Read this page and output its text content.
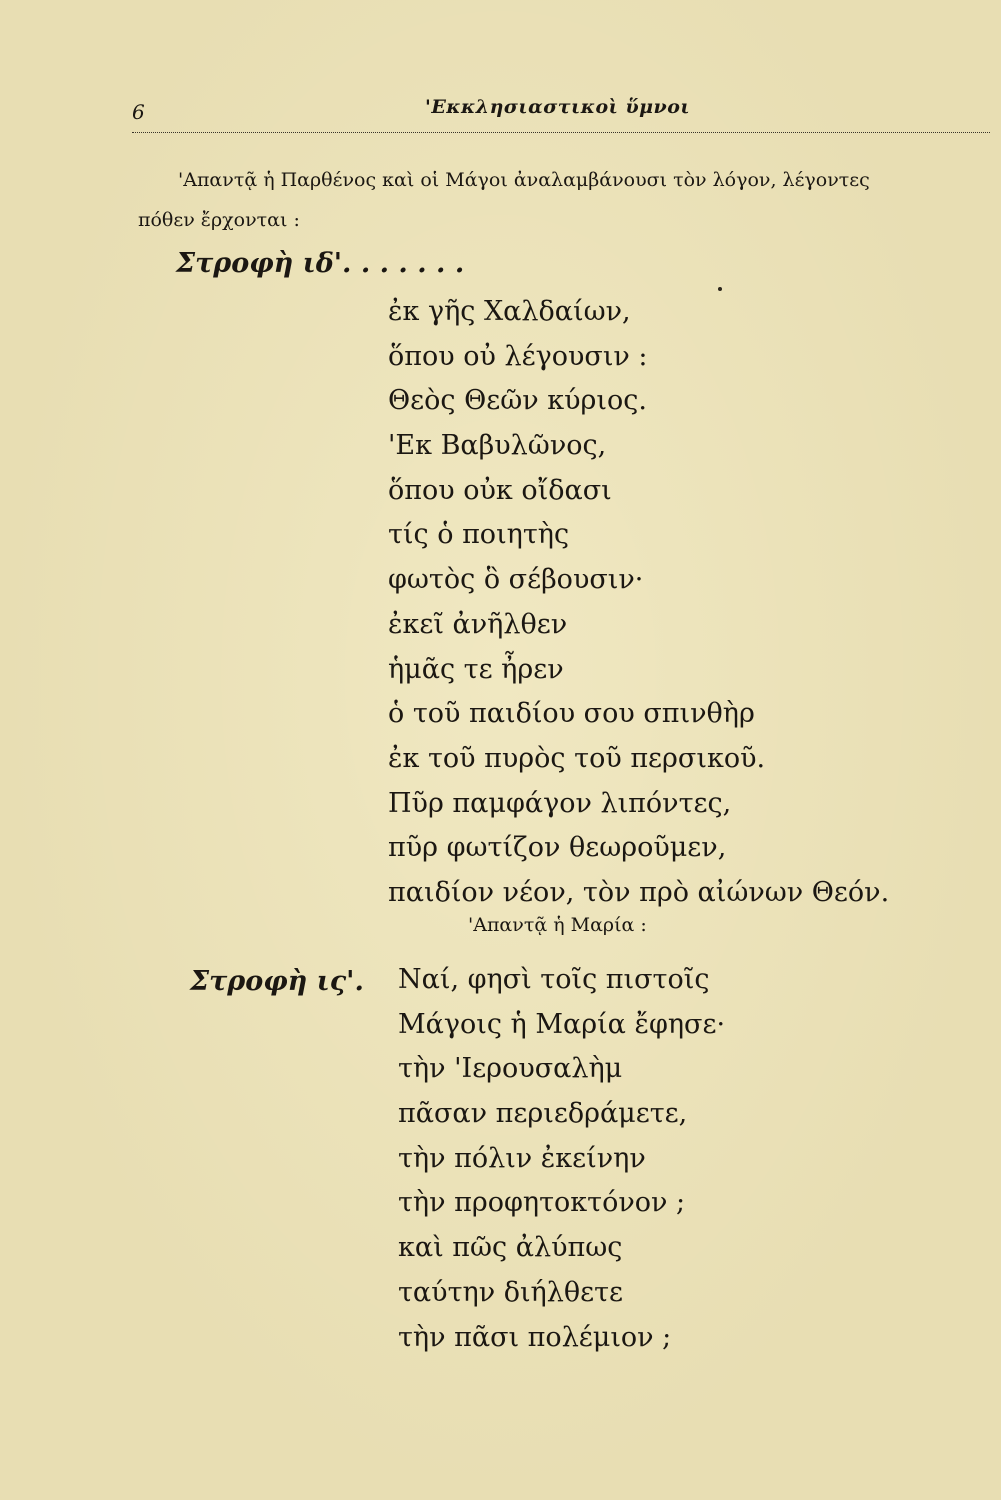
6	'Εκκλησιαστικοὶ ὕμνοι
'Απαντᾷ ἡ Παρθένος καὶ οἱ Μάγοι ἀναλαμβάνουσι τὸν λόγον, λέγοντες
πόθεν ἔρχονται :
Στροφὴ ιδ'. . . . . . .
ἐκ γῆς Χαλδαίων,
ὅπου οὐ λέγουσιν :
Θεὸς Θεῶν κύριος.
'Εκ Βαβυλῶνος,
ὅπου οὐκ οἴδασι
τίς ὁ ποιητὴς
φωτὸς ὃ σέβουσιν·
ἐκεῖ ἀνῆλθεν
ἡμᾶς τε ἦρεν
ὁ τοῦ παιδίου σου σπινθὴρ
ἐκ τοῦ πυρὸς τοῦ περσικοῦ.
Πῦρ παμφάγον λιπόντες,
πῦρ φωτίζον θεωροῦμεν,
παιδίον νέον, τὸν πρὸ αἰώνων Θεόν.
'Απαντᾷ ἡ Μαρία :
Στροφὴ ις'. Ναί, φησὶ τοῖς πιστοῖς
Μάγοις ἡ Μαρία ἔφησε·
τὴν 'Ιερουσαλὴμ
πᾶσαν περιεδράμετε,
τὴν πόλιν ἐκείνην
τὴν προφητοκτόνον ;
καὶ πῶς ἀλύπως
ταύτην διήλθετε
τὴν πᾶσι πολέμιον ;
